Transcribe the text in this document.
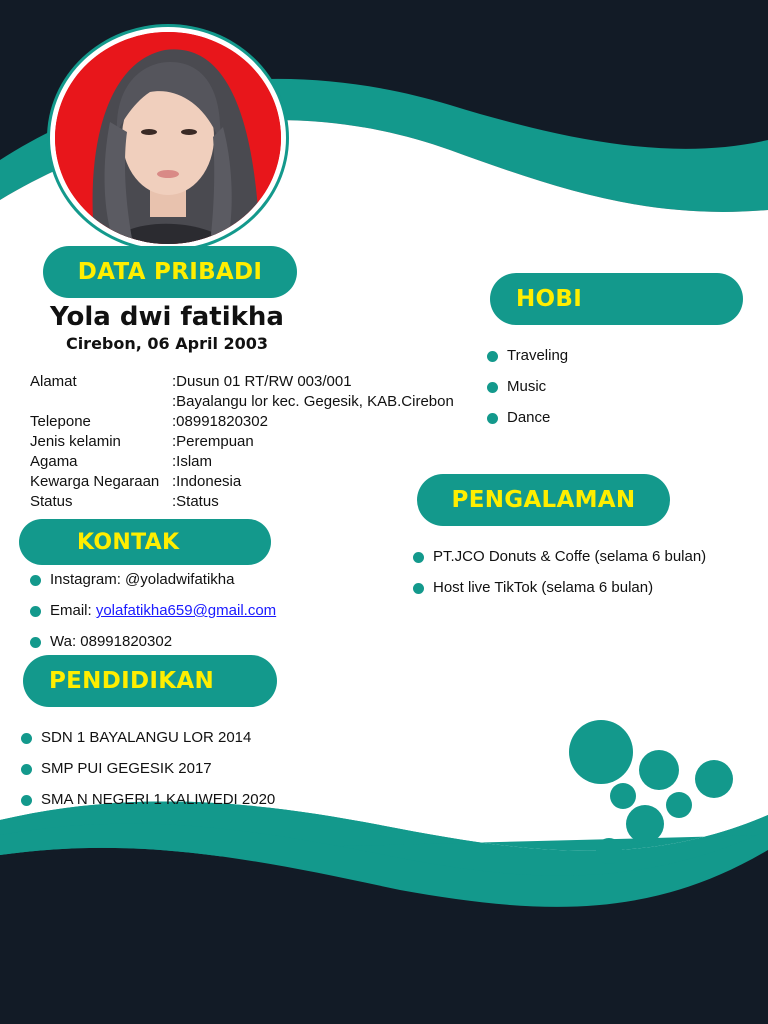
DATA PRIBADI
Yola dwi fatikha
Cirebon, 06 April 2003
Alamat	:Dusun 01 RT/RW 003/001
:Bayalangu lor kec. Gegesik, KAB.Cirebon
Telepone	:08991820302
Jenis kelamin	:Perempuan
Agama	:Islam
Kewarga Negaraan :Indonesia
Status	:Status
KONTAK
Instagram: @yoladwifatikha
Email: yolafatikha659@gmail.com
Wa: 08991820302
PENDIDIKAN
SDN 1 BAYALANGU LOR 2014
SMP PUI GEGESIK 2017
SMA N NEGERI 1 KALIWEDI 2020
HOBI
Traveling
Music
Dance
PENGALAMAN
PT.JCO Donuts & Coffe (selama 6 bulan)
Host live TikTok (selama 6 bulan)
